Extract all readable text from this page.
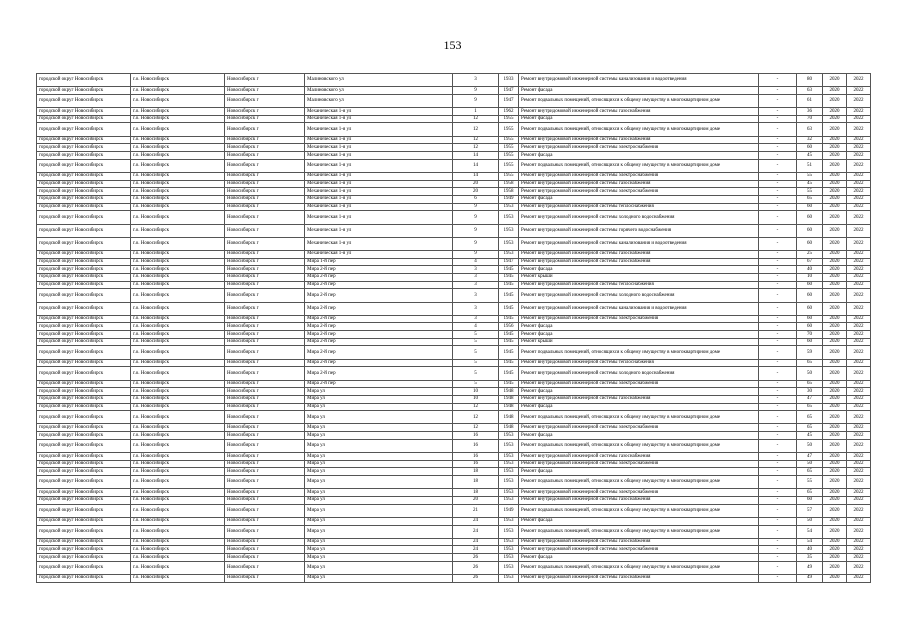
153
городской округ Новосибирск	г.о. Новосибирск	Новосибирск г	Малиновского ул	3	1933	Ремонт внутридомовой инженерной системы канализования и водоотведения	-	80	2020	2022
городской округ Новосибирск	г.о. Новосибирск	Новосибирск г	Малиновского ул	9	1947	Ремонт фасада	-	63	2020	2022
городской округ Новосибирск	г.о. Новосибирск	Новосибирск г	Малиновского ул	9	1947	Ремонт подвальных помещений, относящихся к общему имуществу в многоквартирном доме	-	61	2020	2022
городской округ Новосибирск	г.о. Новосибирск	Новосибирск г	Механическая 1-я ул	1	1962	Ремонт внутридомовой инженерной системы газоснабжения	-	36	2020	2022
городской округ Новосибирск	г.о. Новосибирск	Новосибирск г	Механическая 1-я ул	12	1955	Ремонт фасада	-	70	2020	2022
городской округ Новосибирск	г.о. Новосибирск	Новосибирск г	Механическая 1-я ул	12	1955	Ремонт подвальных помещений, относящихся к общему имуществу в многоквартирном доме	-	63	2020	2022
городской округ Новосибирск	г.о. Новосибирск	Новосибирск г	Механическая 1-я ул	12	1955	Ремонт внутридомовой инженерной системы газоснабжения	-	32	2020	2022
городской округ Новосибирск	г.о. Новосибирск	Новосибирск г	Механическая 1-я ул	12	1955	Ремонт внутридомовой инженерной системы электроснабжения	-	60	2020	2022
городской округ Новосибирск	г.о. Новосибирск	Новосибирск г	Механическая 1-я ул	14	1955	Ремонт фасада	-	45	2020	2022
городской округ Новосибирск	г.о. Новосибирск	Новосибирск г	Механическая 1-я ул	14	1955	Ремонт подвальных помещений, относящихся к общему имуществу в многоквартирном доме	-	51	2020	2022
городской округ Новосибирск	г.о. Новосибирск	Новосибирск г	Механическая 1-я ул	14	1955	Ремонт внутридомовой инженерной системы электроснабжения	-	55	2020	2022
городской округ Новосибирск	г.о. Новосибирск	Новосибирск г	Механическая 1-я ул	20	1958	Ремонт внутридомовой инженерной системы газоснабжения	-	45	2020	2022
городской округ Новосибирск	г.о. Новосибирск	Новосибирск г	Механическая 1-я ул	20	1958	Ремонт внутридомовой инженерной системы электроснабжения	-	55	2020	2022
городской округ Новосибирск	г.о. Новосибирск	Новосибирск г	Механическая 1-я ул	6	1949	Ремонт фасада	-	65	2020	2022
городской округ Новосибирск	г.о. Новосибирск	Новосибирск г	Механическая 1-я ул	9	1953	Ремонт внутридомовой инженерной системы теплоснабжения	-	60	2020	2022
городской округ Новосибирск	г.о. Новосибирск	Новосибирск г	Механическая 1-я ул	9	1953	Ремонт внутридомовой инженерной системы холодного водоснабжения	-	60	2020	2022
городской округ Новосибирск	г.о. Новосибирск	Новосибирск г	Механическая 1-я ул	9	1953	Ремонт внутридомовой инженерной системы горячего водоснабжения	-	60	2020	2022
городской округ Новосибирск	г.о. Новосибирск	Новосибирск г	Механическая 1-я ул	9	1953	Ремонт внутридомовой инженерной системы канализования и водоотведения	-	60	2020	2022
городской округ Новосибирск	г.о. Новосибирск	Новосибирск г	Механическая 1-я ул	9	1953	Ремонт внутридомовой инженерной системы газоснабжения	-	25	2020	2022
городской округ Новосибирск	г.о. Новосибирск	Новосибирск г	Мира 1-й пер	4	1947	Ремонт внутридомовой инженерной системы газоснабжения	-	67	2020	2022
городской округ Новосибирск	г.о. Новосибирск	Новосибирск г	Мира 2-й пер	3	1945	Ремонт фасада	-	40	2020	2022
городской округ Новосибирск	г.о. Новосибирск	Новосибирск г	Мира 2-й пер	3	1945	Ремонт крыши	-	10	2020	2022
городской округ Новосибирск	г.о. Новосибирск	Новосибирск г	Мира 2-й пер	3	1945	Ремонт внутридомовой инженерной системы теплоснабжения	-	60	2020	2022
городской округ Новосибирск	г.о. Новосибирск	Новосибирск г	Мира 2-й пер	3	1945	Ремонт внутридомовой инженерной системы холодного водоснабжения	-	60	2020	2022
городской округ Новосибирск	г.о. Новосибирск	Новосибирск г	Мира 2-й пер	3	1945	Ремонт внутридомовой инженерной системы канализования и водоотведения	-	60	2020	2022
городской округ Новосибирск	г.о. Новосибирск	Новосибирск г	Мира 2-й пер	3	1945	Ремонт внутридомовой инженерной системы электроснабжения	-	60	2020	2022
городской округ Новосибирск	г.о. Новосибирск	Новосибирск г	Мира 2-й пер	4	1956	Ремонт фасада	-	60	2020	2022
городской округ Новосибирск	г.о. Новосибирск	Новосибирск г	Мира 2-й пер	5	1945	Ремонт фасада	-	70	2020	2022
городской округ Новосибирск	г.о. Новосибирск	Новосибирск г	Мира 2-й пер	5	1945	Ремонт крыши	-	60	2020	2022
городской округ Новосибирск	г.о. Новосибирск	Новосибирск г	Мира 2-й пер	5	1945	Ремонт подвальных помещений, относящихся к общему имуществу в многоквартирном доме	-	59	2020	2022
городской округ Новосибирск	г.о. Новосибирск	Новосибирск г	Мира 2-й пер	5	1945	Ремонт внутридомовой инженерной системы теплоснабжения	-	65	2020	2022
городской округ Новосибирск	г.о. Новосибирск	Новосибирск г	Мира 2-й пер	5	1945	Ремонт внутридомовой инженерной системы холодного водоснабжения	-	50	2020	2022
городской округ Новосибирск	г.о. Новосибирск	Новосибирск г	Мира 2-й пер	5	1945	Ремонт внутридомовой инженерной системы электроснабжения	-	65	2020	2022
городской округ Новосибирск	г.о. Новосибирск	Новосибирск г	Мира ул	10	1948	Ремонт фасада	-	30	2020	2022
городской округ Новосибирск	г.о. Новосибирск	Новосибирск г	Мира ул	10	1948	Ремонт внутридомовой инженерной системы газоснабжения	-	47	2020	2022
городской округ Новосибирск	г.о. Новосибирск	Новосибирск г	Мира ул	12	1948	Ремонт фасада	-	65	2020	2022
городской округ Новосибирск	г.о. Новосибирск	Новосибирск г	Мира ул	12	1948	Ремонт подвальных помещений, относящихся к общему имуществу в многоквартирном доме	-	65	2020	2022
городской округ Новосибирск	г.о. Новосибирск	Новосибирск г	Мира ул	12	1948	Ремонт внутридомовой инженерной системы электроснабжения	-	65	2020	2022
городской округ Новосибирск	г.о. Новосибирск	Новосибирск г	Мира ул	16	1953	Ремонт фасада	-	45	2020	2022
городской округ Новосибирск	г.о. Новосибирск	Новосибирск г	Мира ул	16	1953	Ремонт подвальных помещений, относящихся к общему имуществу в многоквартирном доме	-	50	2020	2022
городской округ Новосибирск	г.о. Новосибирск	Новосибирск г	Мира ул	16	1953	Ремонт внутридомовой инженерной системы газоснабжения	-	47	2020	2022
городской округ Новосибирск	г.о. Новосибирск	Новосибирск г	Мира ул	16	1953	Ремонт внутридомовой инженерной системы электроснабжения	-	50	2020	2022
городской округ Новосибирск	г.о. Новосибирск	Новосибирск г	Мира ул	18	1953	Ремонт фасада	-	65	2020	2022
городской округ Новосибирск	г.о. Новосибирск	Новосибирск г	Мира ул	18	1953	Ремонт подвальных помещений, относящихся к общему имуществу в многоквартирном доме	-	55	2020	2022
городской округ Новосибирск	г.о. Новосибирск	Новосибирск г	Мира ул	18	1953	Ремонт внутридомовой инженерной системы электроснабжения	-	65	2020	2022
городской округ Новосибирск	г.о. Новосибирск	Новосибирск г	Мира ул	20	1953	Ремонт внутридомовой инженерной системы газоснабжения	-	60	2020	2022
городской округ Новосибирск	г.о. Новосибирск	Новосибирск г	Мира ул	21	1949	Ремонт подвальных помещений, относящихся к общему имуществу в многоквартирном доме	-	57	2020	2022
городской округ Новосибирск	г.о. Новосибирск	Новосибирск г	Мира ул	24	1953	Ремонт фасада	-	50	2020	2022
городской округ Новосибирск	г.о. Новосибирск	Новосибирск г	Мира ул	24	1953	Ремонт подвальных помещений, относящихся к общему имуществу в многоквартирном доме	-	54	2020	2022
городской округ Новосибирск	г.о. Новосибирск	Новосибирск г	Мира ул	24	1953	Ремонт внутридомовой инженерной системы газоснабжения	-	54	2020	2022
городской округ Новосибирск	г.о. Новосибирск	Новосибирск г	Мира ул	24	1953	Ремонт внутридомовой инженерной системы электроснабжения	-	40	2020	2022
городской округ Новосибирск	г.о. Новосибирск	Новосибирск г	Мира ул	26	1953	Ремонт фасада	-	35	2020	2022
городской округ Новосибирск	г.о. Новосибирск	Новосибирск г	Мира ул	26	1953	Ремонт подвальных помещений, относящихся к общему имуществу в многоквартирном доме	-	49	2020	2022
городской округ Новосибирск	г.о. Новосибирск	Новосибирск г	Мира ул	26	1953	Ремонт внутридомовой инженерной системы газоснабжения	-	49	2020	2022
